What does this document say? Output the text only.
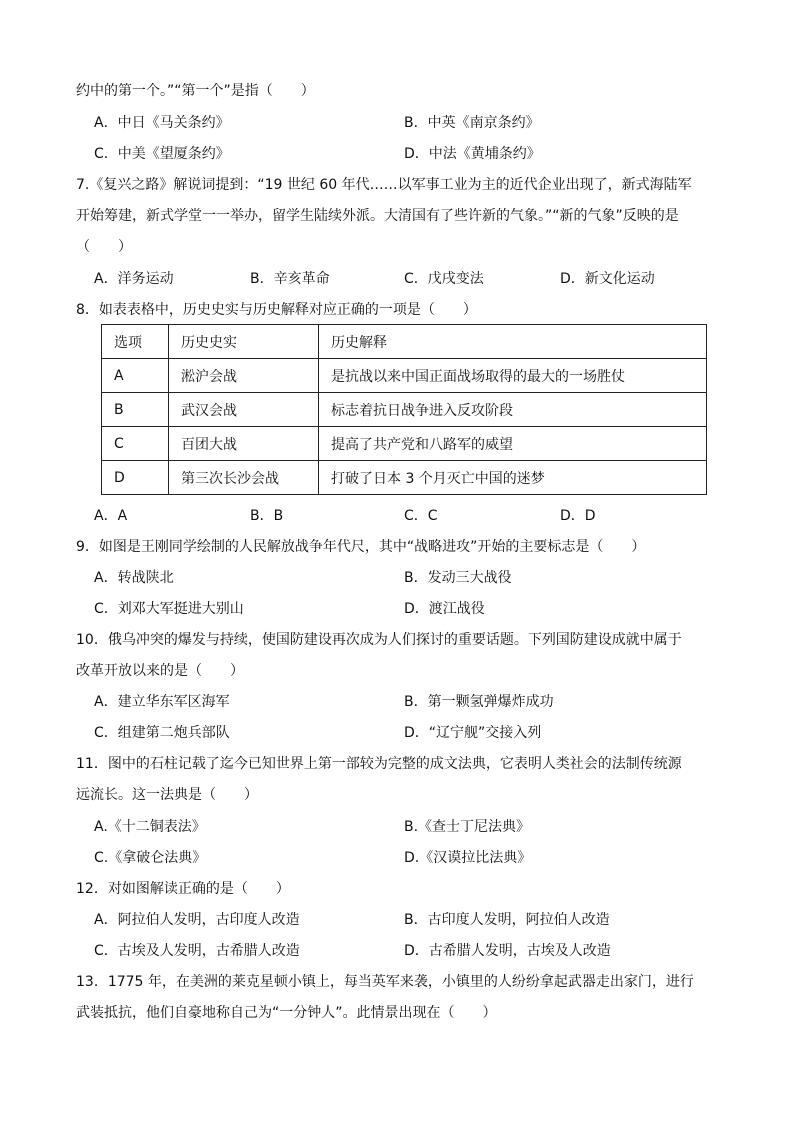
约中的第一个。”“第一个”是指（　　）
A．中日《马关条约》	B．中英《南京条约》
C．中美《望厦条约》	D．中法《黄埔条约》
7.《复兴之路》解说词提到：“19 世纪 60 年代……以军事工业为主的近代企业出现了，新式海陆军
开始筹建，新式学堂一一举办，留学生陆续外派。大清国有了些许新的气象。”“新的气象”反映的是
（　　）
A．洋务运动	B．辛亥革命	C．戊戌变法	D．新文化运动
8．如表表格中，历史史实与历史解释对应正确的一项是（　　）
选项	历史史实	历史解释
A	淞沪会战	是抗战以来中国正面战场取得的最大的一场胜仗
B	武汉会战	标志着抗日战争进入反攻阶段
C	百团大战	提高了共产党和八路军的威望
D	第三次长沙会战	打破了日本 3 个月灭亡中国的迷梦
A．A	B．B	C．C	D．D
9．如图是王刚同学绘制的人民解放战争年代尺，其中“战略进攻”开始的主要标志是（　　）
A．转战陕北	B．发动三大战役
C．刘邓大军挺进大别山	D．渡江战役
10．俄乌冲突的爆发与持续，使国防建设再次成为人们探讨的重要话题。下列国防建设成就中属于
改革开放以来的是（　　）
A．建立华东军区海军	B．第一颗氢弹爆炸成功
C．组建第二炮兵部队	D．“辽宁舰”交接入列
11．图中的石柱记载了迄今已知世界上第一部较为完整的成文法典，它表明人类社会的法制传统源
远流长。这一法典是（　　）
A.《十二铜表法》	B.《查士丁尼法典》
C.《拿破仑法典》	D.《汉谟拉比法典》
12．对如图解读正确的是（　　）
A．阿拉伯人发明，古印度人改造	B．古印度人发明，阿拉伯人改造
C．古埃及人发明，古希腊人改造	D．古希腊人发明，古埃及人改造
13．1775 年，在美洲的莱克星顿小镇上，每当英军来袭，小镇里的人纷纷拿起武器走出家门，进行
武装抵抗，他们自豪地称自己为“一分钟人”。此情景出现在（　　）
